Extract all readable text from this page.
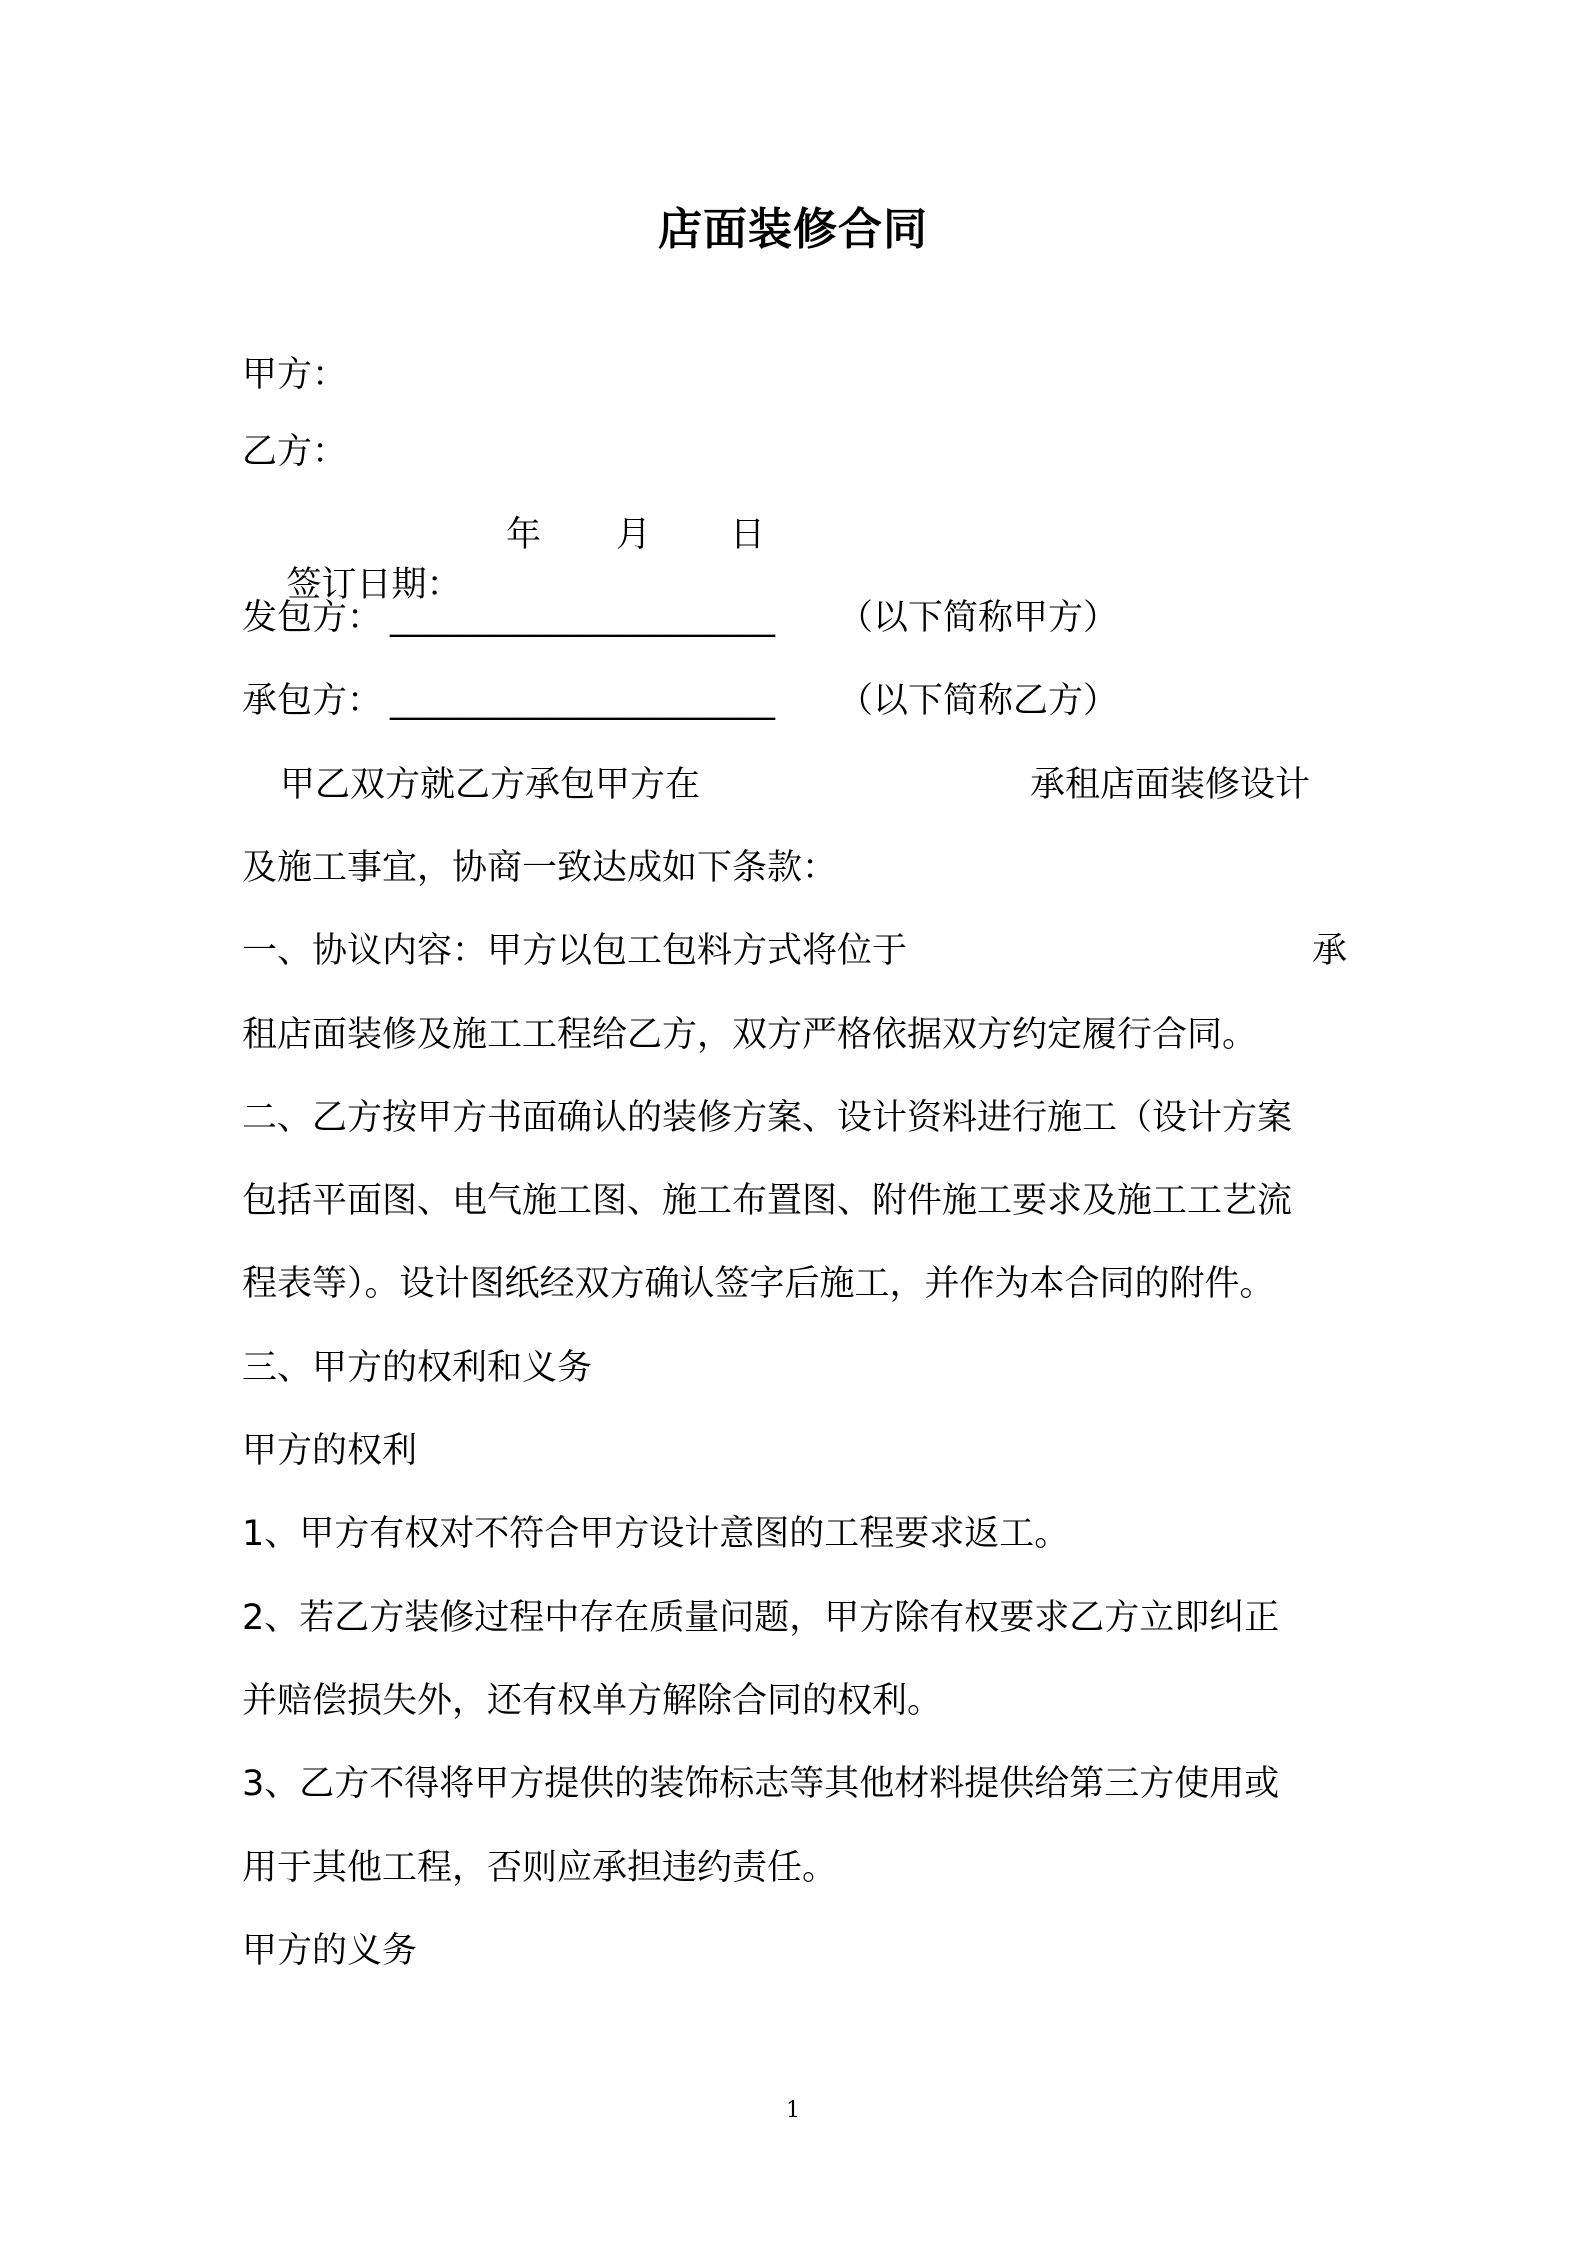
店面装修合同
甲方：
乙方：

签订日期：

年 月 日
发包方： ______________________ （以下简称甲方）
承包方： ______________________ （以下简称乙方）
甲乙双方就乙方承包甲方在	承租店面装修设计
及施工事宜，协商一致达成如下条款：
一、协议内容：甲方以包工包料方式将位于	承
租店面装修及施工工程给乙方，双方严格依据双方约定履行合同。
二、乙方按甲方书面确认的装修方案、设计资料进行施工（设计方案
包括平面图、电气施工图、施工布置图、附件施工要求及施工工艺流
程表等）。设计图纸经双方确认签字后施工，并作为本合同的附件。
三、甲方的权利和义务
甲方的权利
1、甲方有权对不符合甲方设计意图的工程要求返工。
2、若乙方装修过程中存在质量问题，甲方除有权要求乙方立即纠正
并赔偿损失外，还有权单方解除合同的权利。
3、乙方不得将甲方提供的装饰标志等其他材料提供给第三方使用或
用于其他工程，否则应承担违约责任。
甲方的义务
1
